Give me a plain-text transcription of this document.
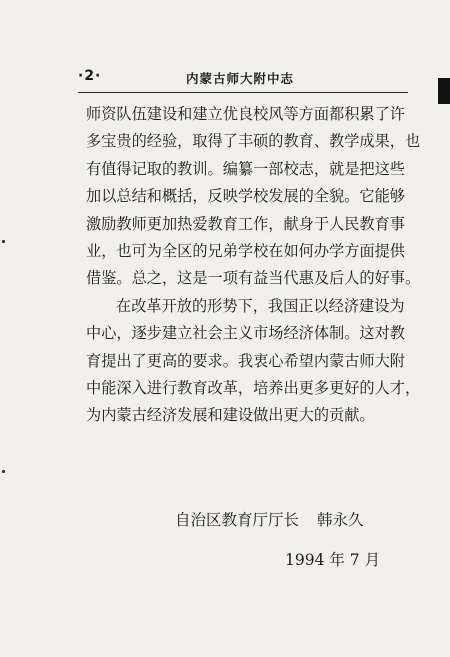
·2·	内蒙古师大附中志
师资队伍建设和建立优良校风等方面都积累了许
多宝贵的经验，取得了丰硕的教育、教学成果，也
有值得记取的教训。编纂一部校志，就是把这些
加以总结和概括，反映学校发展的全貌。它能够
激励教师更加热爱教育工作，献身于人民教育事
业，也可为全区的兄弟学校在如何办学方面提供
借鉴。总之，这是一项有益当代惠及后人的好事。
在改革开放的形势下，我国正以经济建设为
中心，逐步建立社会主义市场经济体制。这对教
育提出了更高的要求。我衷心希望内蒙古师大附
中能深入进行教育改革，培养出更多更好的人才，
为内蒙古经济发展和建设做出更大的贡献。
自治区教育厅厅长 韩永久
1994 年 7 月
